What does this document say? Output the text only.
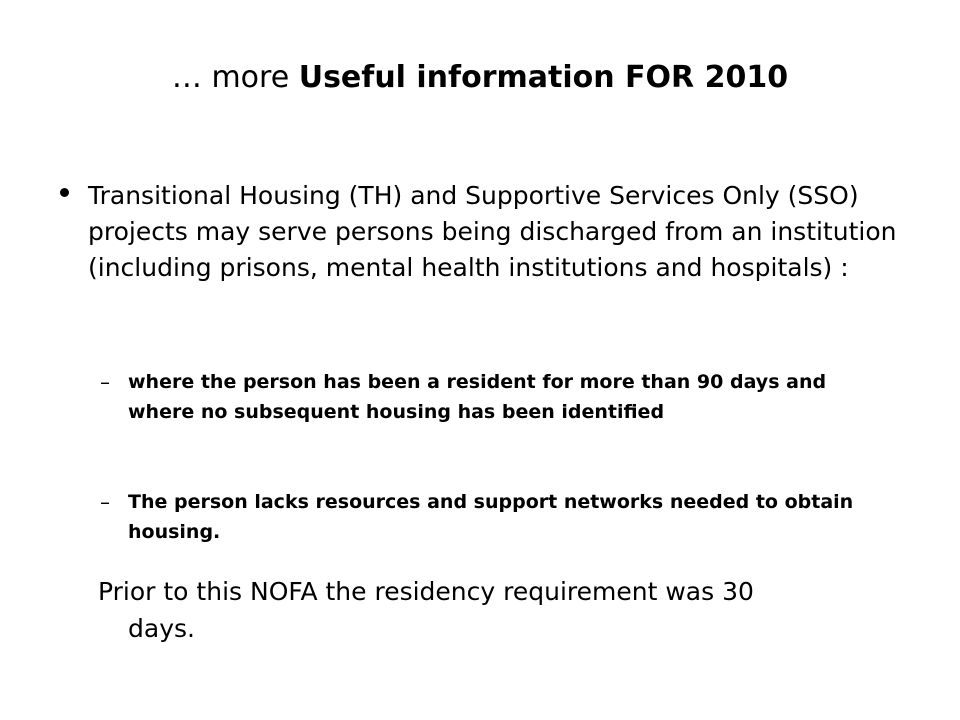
… more Useful information FOR 2010
Transitional Housing (TH) and Supportive Services Only (SSO) projects may serve persons being discharged from an institution (including prisons, mental health institutions and hospitals) :
– where the person has been a resident for more than 90 days and where no subsequent housing has been identified
– The person lacks resources and support networks needed to obtain housing.
Prior to this NOFA the residency requirement was 30
days.
